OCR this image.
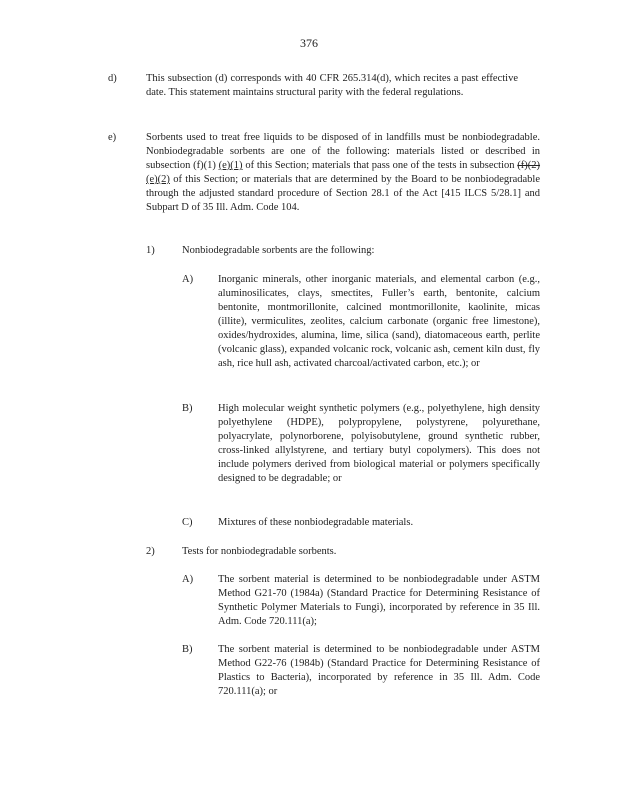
376
d)	This subsection (d) corresponds with 40 CFR 265.314(d), which recites a past effective date. This statement maintains structural parity with the federal regulations.
e)	Sorbents used to treat free liquids to be disposed of in landfills must be nonbiodegradable. Nonbiodegradable sorbents are one of the following: materials listed or described in subsection (f)(1) (e)(1) of this Section; materials that pass one of the tests in subsection (f)(2) (e)(2) of this Section; or materials that are determined by the Board to be nonbiodegradable through the adjusted standard procedure of Section 28.1 of the Act [415 ILCS 5/28.1] and Subpart D of 35 Ill. Adm. Code 104.
1)	Nonbiodegradable sorbents are the following:
A) Inorganic minerals, other inorganic materials, and elemental carbon (e.g., aluminosilicates, clays, smectites, Fuller’s earth, bentonite, calcium bentonite, montmorillonite, calcined montmorillonite, kaolinite, micas (illite), vermiculites, zeolites, calcium carbonate (organic free limestone), oxides/hydroxides, alumina, lime, silica (sand), diatomaceous earth, perlite (volcanic glass), expanded volcanic rock, volcanic ash, cement kiln dust, fly ash, rice hull ash, activated charcoal/activated carbon, etc.); or
B) High molecular weight synthetic polymers (e.g., polyethylene, high density polyethylene (HDPE), polypropylene, polystyrene, polyurethane, polyacrylate, polynorborene, polyisobutylene, ground synthetic rubber, cross-linked allylstyrene, and tertiary butyl copolymers). This does not include polymers derived from biological material or polymers specifically designed to be degradable; or
C) Mixtures of these nonbiodegradable materials.
2)	Tests for nonbiodegradable sorbents.
A) The sorbent material is determined to be nonbiodegradable under ASTM Method G21-70 (1984a) (Standard Practice for Determining Resistance of Synthetic Polymer Materials to Fungi), incorporated by reference in 35 Ill. Adm. Code 720.111(a);
B) The sorbent material is determined to be nonbiodegradable under ASTM Method G22-76 (1984b) (Standard Practice for Determining Resistance of Plastics to Bacteria), incorporated by reference in 35 Ill. Adm. Code 720.111(a); or
